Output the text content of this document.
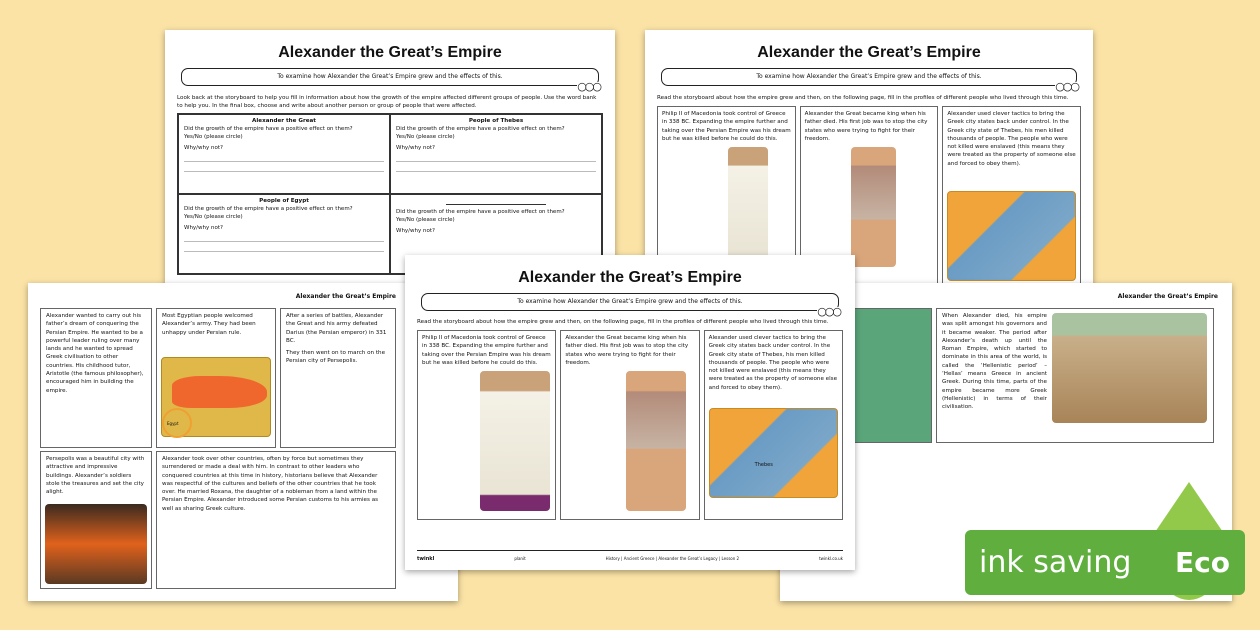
Alexander the Great’s Empire
To examine how Alexander the Great’s Empire grew and the effects of this.
○○○
Look back at the storyboard to help you fill in information about how the growth of the empire affected different groups of people. Use the word bank to help you. In the final box, choose and write about another person or group of people that were affected.
Alexander the Great
Did the growth of the empire have a positive effect on them?
Yes/No (please circle)
Why/why not?
People of Thebes
Did the growth of the empire have a positive effect on them?
Yes/No (please circle)
Why/why not?
People of Egypt
Did the growth of the empire have a positive effect on them?
Yes/No (please circle)
Why/why not?
Did the growth of the empire have a positive effect on them?
Yes/No (please circle)
Why/why not?
Alexander the Great’s Empire
To examine how Alexander the Great’s Empire grew and the effects of this.
○○○
Read the storyboard about how the empire grew and then, on the following page, fill in the profiles of different people who lived through this time.
Philip II of Macedonia took control of Greece in 338 BC. Expanding the empire further and taking over the Persian Empire was his dream but he was killed before he could do this.
Alexander the Great became king when his father died. His first job was to stop the city states who were trying to fight for their freedom.
Alexander used clever tactics to bring the Greek city states back under control. In the Greek city state of Thebes, his men killed thousands of people. The people who were not killed were enslaved (this means they were treated as the property of someone else and forced to obey them).
Alexander the Great’s Empire
Alexander wanted to carry out his father’s dream of conquering the Persian Empire. He wanted to be a powerful leader ruling over many lands and he wanted to spread Greek civilisation to other countries. His childhood tutor, Aristotle (the famous philosopher), encouraged him in building the empire.
Most Egyptian people welcomed Alexander’s army. They had been unhappy under Persian rule.
Egypt
After a series of battles, Alexander the Great and his army defeated Darius (the Persian emperor) in 331 BC.
They then went on to march on the Persian city of Persepolis.
Persepolis was a beautiful city with attractive and impressive buildings. Alexander’s soldiers stole the treasures and set the city alight.
Alexander took over other countries, often by force but sometimes they surrendered or made a deal with him. In contrast to other leaders who conquered countries at this time in history, historians believe that Alexander was respectful of the cultures and beliefs of the other countries that he took over. He married Roxana, the daughter of a nobleman from a land within the Persian Empire. Alexander introduced some Persian customs to his armies as well as sharing Greek culture.
Alexander the Great’s Empire
When Alexander died, his empire was split amongst his governors and it became weaker. The period after Alexander’s death up until the Roman Empire, which started to dominate in this area of the world, is called the ‘Hellenistic period’ – ‘Hellas’ means Greece in ancient Greek. During this time, parts of the empire became more Greek (Hellenistic) in terms of their civilisation.
Alexander the Great’s Empire
To examine how Alexander the Great’s Empire grew and the effects of this.
○○○
Read the storyboard about how the empire grew and then, on the following page, fill in the profiles of different people who lived through this time.
Philip II of Macedonia took control of Greece in 338 BC. Expanding the empire further and taking over the Persian Empire was his dream but he was killed before he could do this.
Alexander the Great became king when his father died. His first job was to stop the city states who were trying to fight for their freedom.
Alexander used clever tactics to bring the Greek city states back under control. In the Greek city state of Thebes, his men killed thousands of people. The people who were not killed were enslaved (this means they were treated as the property of someone else and forced to obey them).
Thebes
twinkl	planit	History | Ancient Greece | Alexander the Great’s Legacy | Lesson 2	twinkl.co.uk	ink saving Eco
